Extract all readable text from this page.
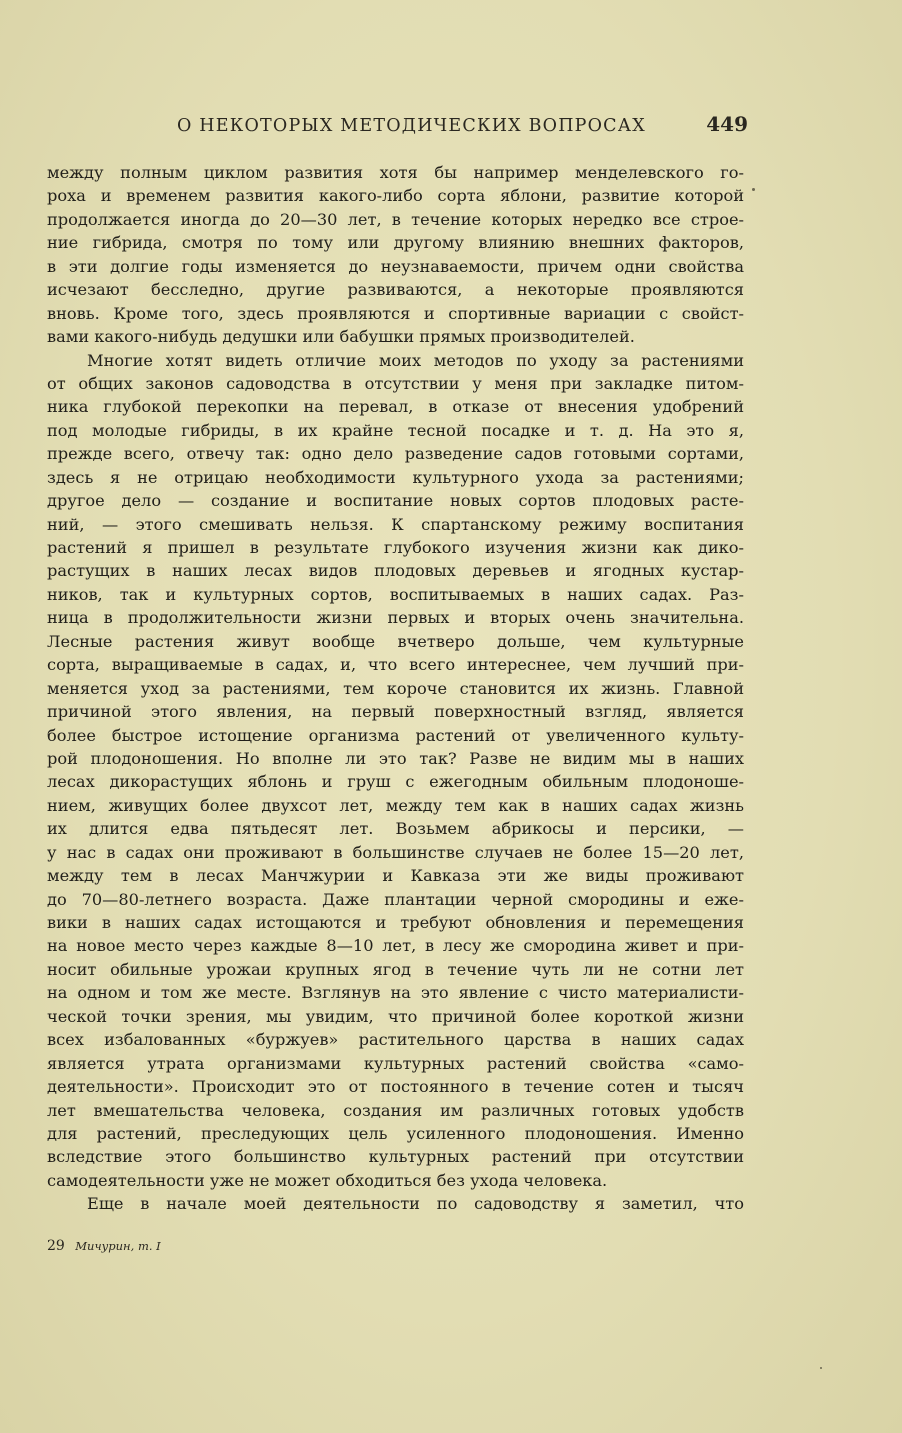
О НЕКОТОРЫХ МЕТОДИЧЕСКИХ ВОПРОСАХ	449
между полным циклом развития хотя бы например менделевского го-
роха и временем развития какого-либо сорта яблони, развитие которой
продолжается иногда до 20—30 лет, в течение которых нередко все строе-
ние гибрида, смотря по тому или другому влиянию внешних факторов,
в эти долгие годы изменяется до неузнаваемости, причем одни свойства
исчезают бесследно, другие развиваются, а некоторые проявляются
вновь. Кроме того, здесь проявляются и спортивные вариации с свойст-
вами какого-нибудь дедушки или бабушки прямых производителей.
Многие хотят видеть отличие моих методов по уходу за растениями
от общих законов садоводства в отсутствии у меня при закладке питом-
ника глубокой перекопки на перевал, в отказе от внесения удобрений
под молодые гибриды, в их крайне тесной посадке и т. д. На это я,
прежде всего, отвечу так: одно дело разведение садов готовыми сортами,
здесь я не отрицаю необходимости культурного ухода за растениями;
другое дело — создание и воспитание новых сортов плодовых расте-
ний, — этого смешивать нельзя. К спартанскому режиму воспитания
растений я пришел в результате глубокого изучения жизни как дико-
растущих в наших лесах видов плодовых деревьев и ягодных кустар-
ников, так и культурных сортов, воспитываемых в наших садах. Раз-
ница в продолжительности жизни первых и вторых очень значительна.
Лесные растения живут вообще вчетверо дольше, чем культурные
сорта, выращиваемые в садах, и, что всего интереснее, чем лучший при-
меняется уход за растениями, тем короче становится их жизнь. Главной
причиной этого явления, на первый поверхностный взгляд, является
более быстрое истощение организма растений от увеличенного культу-
рой плодоношения. Но вполне ли это так? Разве не видим мы в наших
лесах дикорастущих яблонь и груш с ежегодным обильным плодоноше-
нием, живущих более двухсот лет, между тем как в наших садах жизнь
их длится едва пятьдесят лет. Возьмем абрикосы и персики, —
у нас в садах они проживают в большинстве случаев не более 15—20 лет,
между тем в лесах Манчжурии и Кавказа эти же виды проживают
до 70—80-летнего возраста. Даже плантации черной смородины и еже-
вики в наших садах истощаются и требуют обновления и перемещения
на новое место через каждые 8—10 лет, в лесу же смородина живет и при-
носит обильные урожаи крупных ягод в течение чуть ли не сотни лет
на одном и том же месте. Взглянув на это явление с чисто материалисти-
ческой точки зрения, мы увидим, что причиной более короткой жизни
всех избалованных «буржуев» растительного царства в наших садах
является утрата организмами культурных растений свойства «само-
деятельности». Происходит это от постоянного в течение сотен и тысяч
лет вмешательства человека, создания им различных готовых удобств
для растений, преследующих цель усиленного плодоношения. Именно
вследствие этого большинство культурных растений при отсутствии
самодеятельности уже не может обходиться без ухода человека.
Еще в начале моей деятельности по садоводству я заметил, что
29 Мичурин, т. I
